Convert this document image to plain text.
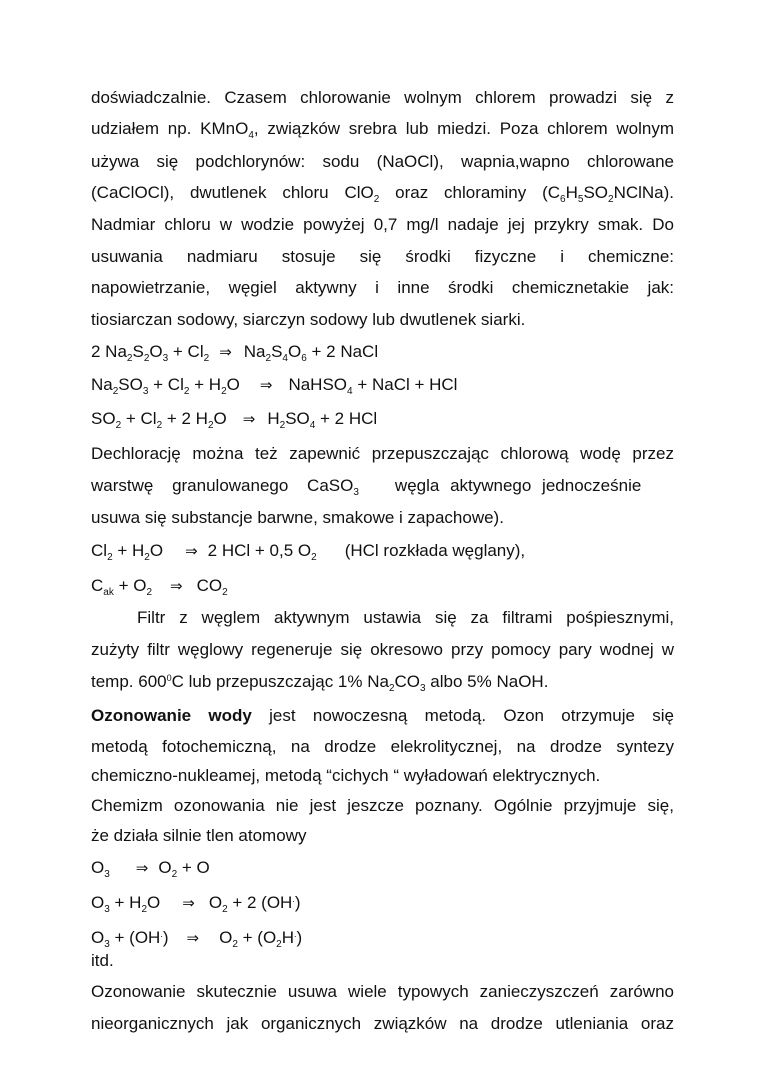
doświadczalnie. Czasem chlorowanie wolnym chlorem prowadzi się z
udziałem np. KMnO$_4$, związków srebra lub miedzi. Poza chlorem wolnym
używa się podchlorynów: sodu (NaOCl), wapnia,wapno chlorowane
(CaClOCl), dwutlenek chloru ClO$_2$ oraz chloraminy $(C_6H_5SO_2NClNa)$.
Nadmiar chloru w wodzie powyżej 0,7 mg/l nadaje jej przykry smak. Do
usuwania nadmiaru stosuje się środki fizyczne i chemiczne:
napowietrzanie, węgiel aktywny i inne środki chemicznetakie jak:
tiosiarczan sodowy, siarczyn sodowy lub dwutlenek siarki.
2 $Na_2S_2O_3 + Cl_2$ ⇒ $Na_2S_4O_6 + 2$ NaCl
$Na_2SO_3 + Cl_2 + H_2O$ ⇒ NaHSO$_4$ + NaCl + HCl
$SO_2 + Cl_2 + 2$ $H_2O$ ⇒ $H_2SO_4 + 2$ HCl
Dechlorację można też zapewnić przepuszczając chlorową wodę przez
warstwę granulowanego CaSO$_3$ węgla aktywnego jednocześnie
usuwa się substancje barwne, smakowe i zapachowe).
$Cl_2 + H_2O$ ⇒ 2 HCl + 0,5 $O_2$ (HCl rozkłada węglany),
$C_{ak} + O_2$ ⇒ $CO_2$
Filtr z węglem aktywnym ustawia się za filtrami pośpiesznymi,
zużyty filtr węglowy regeneruje się okresowo przy pomocy pary wodnej w
temp. $600^0C$ lub przepuszczając 1% $Na_2CO_3$ albo 5% NaOH.
Ozonowanie wody jest nowoczesną metodą. Ozon otrzymuje się
metodą fotochemiczną, na drodze elekrolitycznej, na drodze syntezy
chemiczno-nukleamej, metodą “cichych “ wyładowań elektrycznych.
Chemizm ozonowania nie jest jeszcze poznany. Ogólnie przyjmuje się,
że działa silnie tlen atomowy
$O_3$ ⇒ $O_2 + O$
$O_3 + H_2O$ ⇒ $O_2 + 2$ (OH.)
$O_3 + (OH^.)$ ⇒ $O_2 + (O_2H^.)$
itd.
Ozonowanie skutecznie usuwa wiele typowych zanieczyszczeń zarówno
nieorganicznych jak organicznych związków na drodze utleniania oraz
